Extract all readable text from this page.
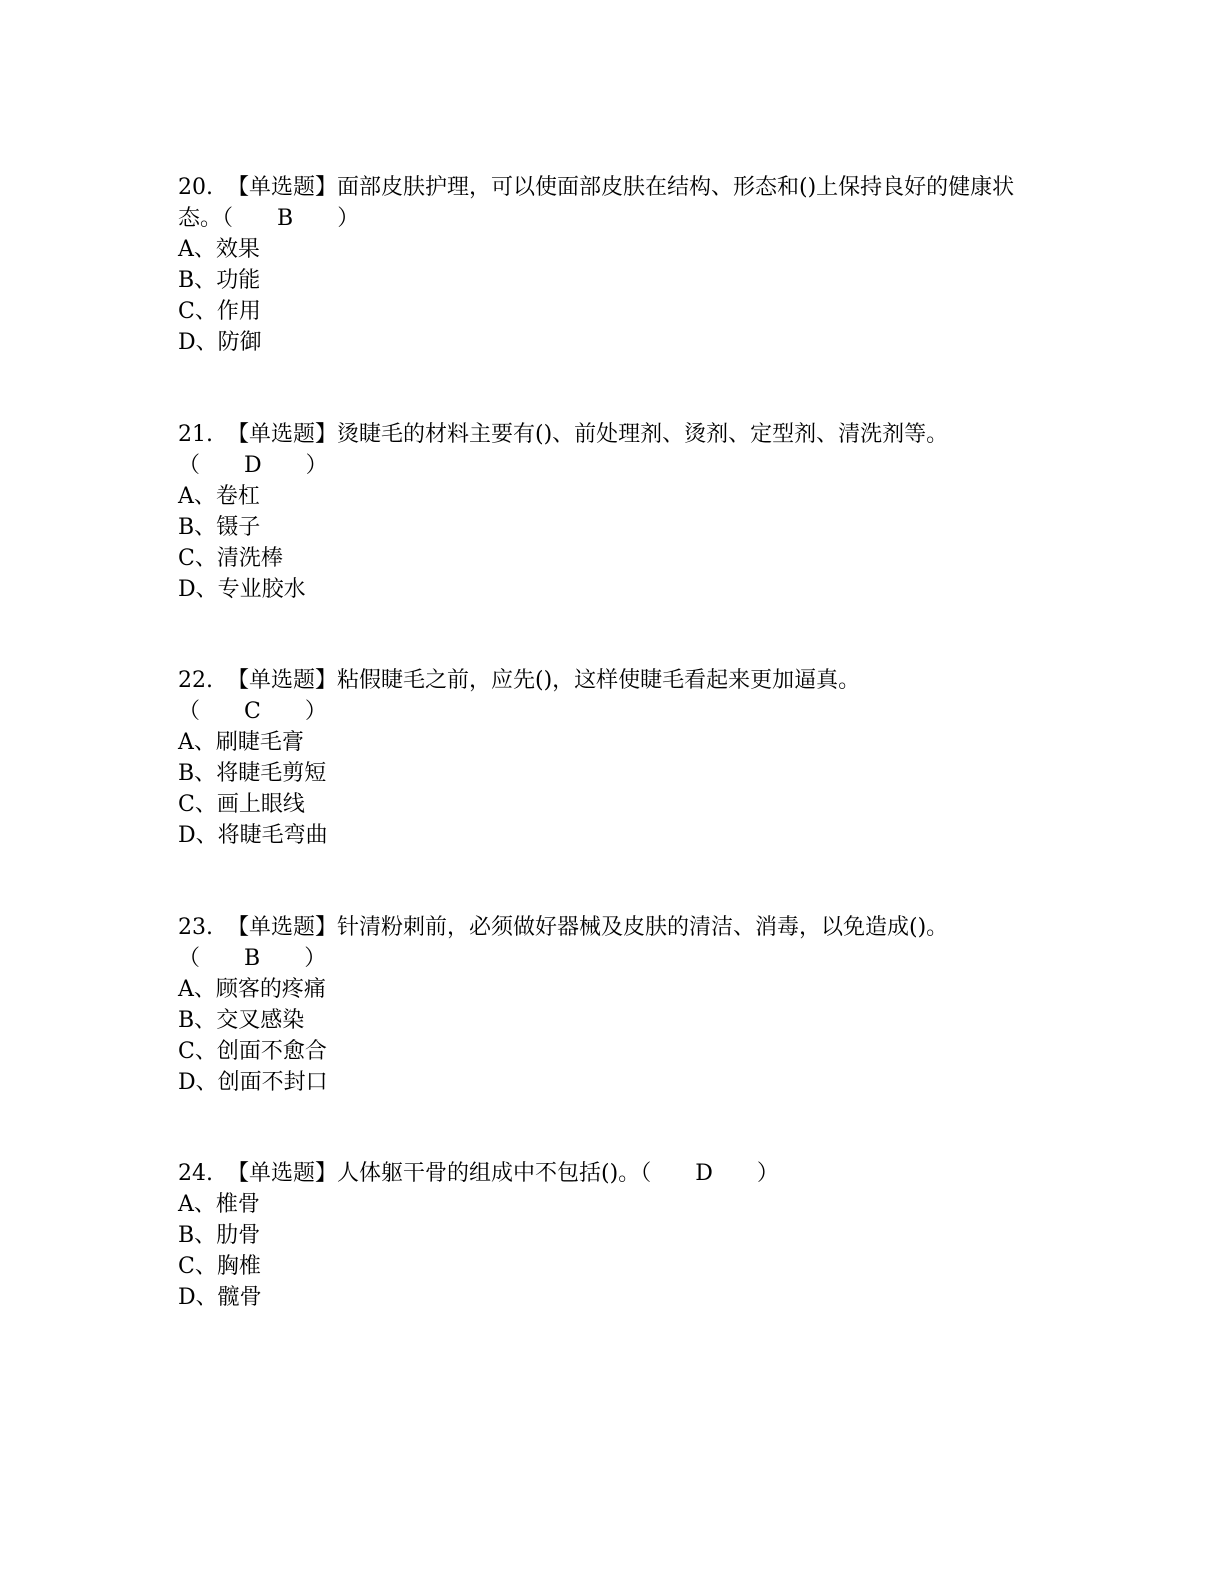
20. 【单选题】面部皮肤护理，可以使面部皮肤在结构、形态和()上保持良好的健康状态。（ B ）

A 、 效果

B 、 功能

C 、 作用

D 、 防御

21. 【单选题】烫睫毛的材料主要有()、前处理剂、烫剂、定型剂、清洗剂等。
（ D ）

A 、 卷杠

B 、 镊子

C 、 清洗棒

D 、 专业胶水

22. 【单选题】粘假睫毛之前，应先()，这样使睫毛看起来更加逼真。
（ C ）

A 、 刷睫毛膏

B 、 将睫毛剪短

C 、 画上眼线

D 、 将睫毛弯曲

23. 【单选题】针清粉刺前，必须做好器械及皮肤的清洁、消毒，以免造成()。
（ B ）

A 、 顾客的疼痛

B 、 交叉感染

C 、 创面不愈合

D 、 创面不封口

24. 【单选题】人体躯干骨的组成中不包括()。（ D ）

A 、 椎骨

B 、 肋骨

C 、 胸椎

D 、 髋骨
